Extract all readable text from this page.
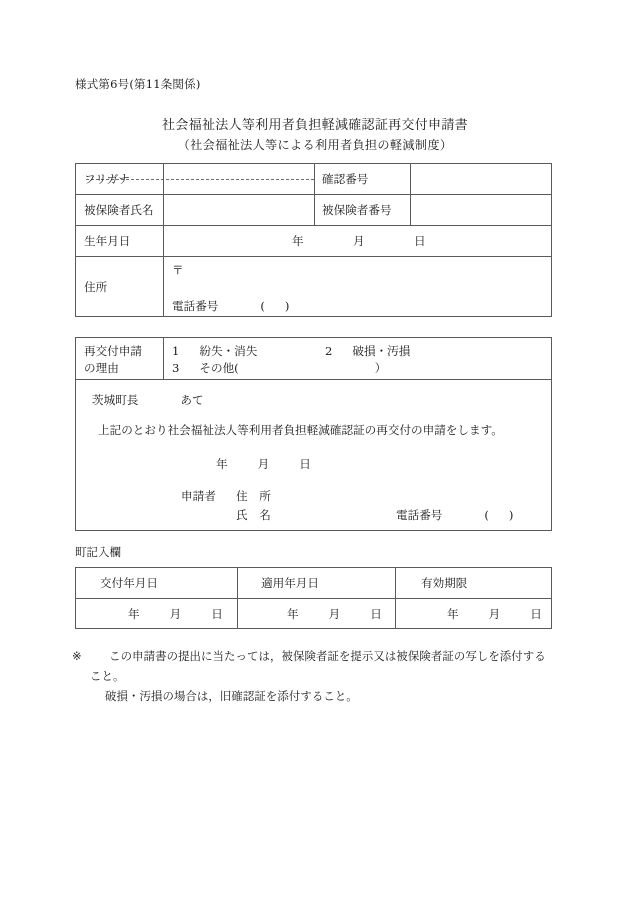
様式第6号(第11条関係)
社会福祉法人等利用者負担軽減確認証再交付申請書
（社会福祉法人等による利用者負担の軽減制度）
フリガナ	確認番号
被保険者氏名	被保険者番号
生年月日	年	月	日
住所
〒
電話番号	( )
再交付申請
の理由
1 紛失・消失	2 破損・汚損
3 その他(	）
茨城町長	あて
上記のとおり社会福祉法人等利用者負担軽減確認証の再交付の申請をします。
年	月	日
申請者	住　所
氏　名	電話番号	( )
町記入欄
交付年月日	適用年月日	有効期限
年	月	日	年	月	日	年	月	日
※ この申請書の提出に当たっては，被保険者証を提示又は被保険者証の写しを添付する
こと。
破損・汚損の場合は，旧確認証を添付すること。
